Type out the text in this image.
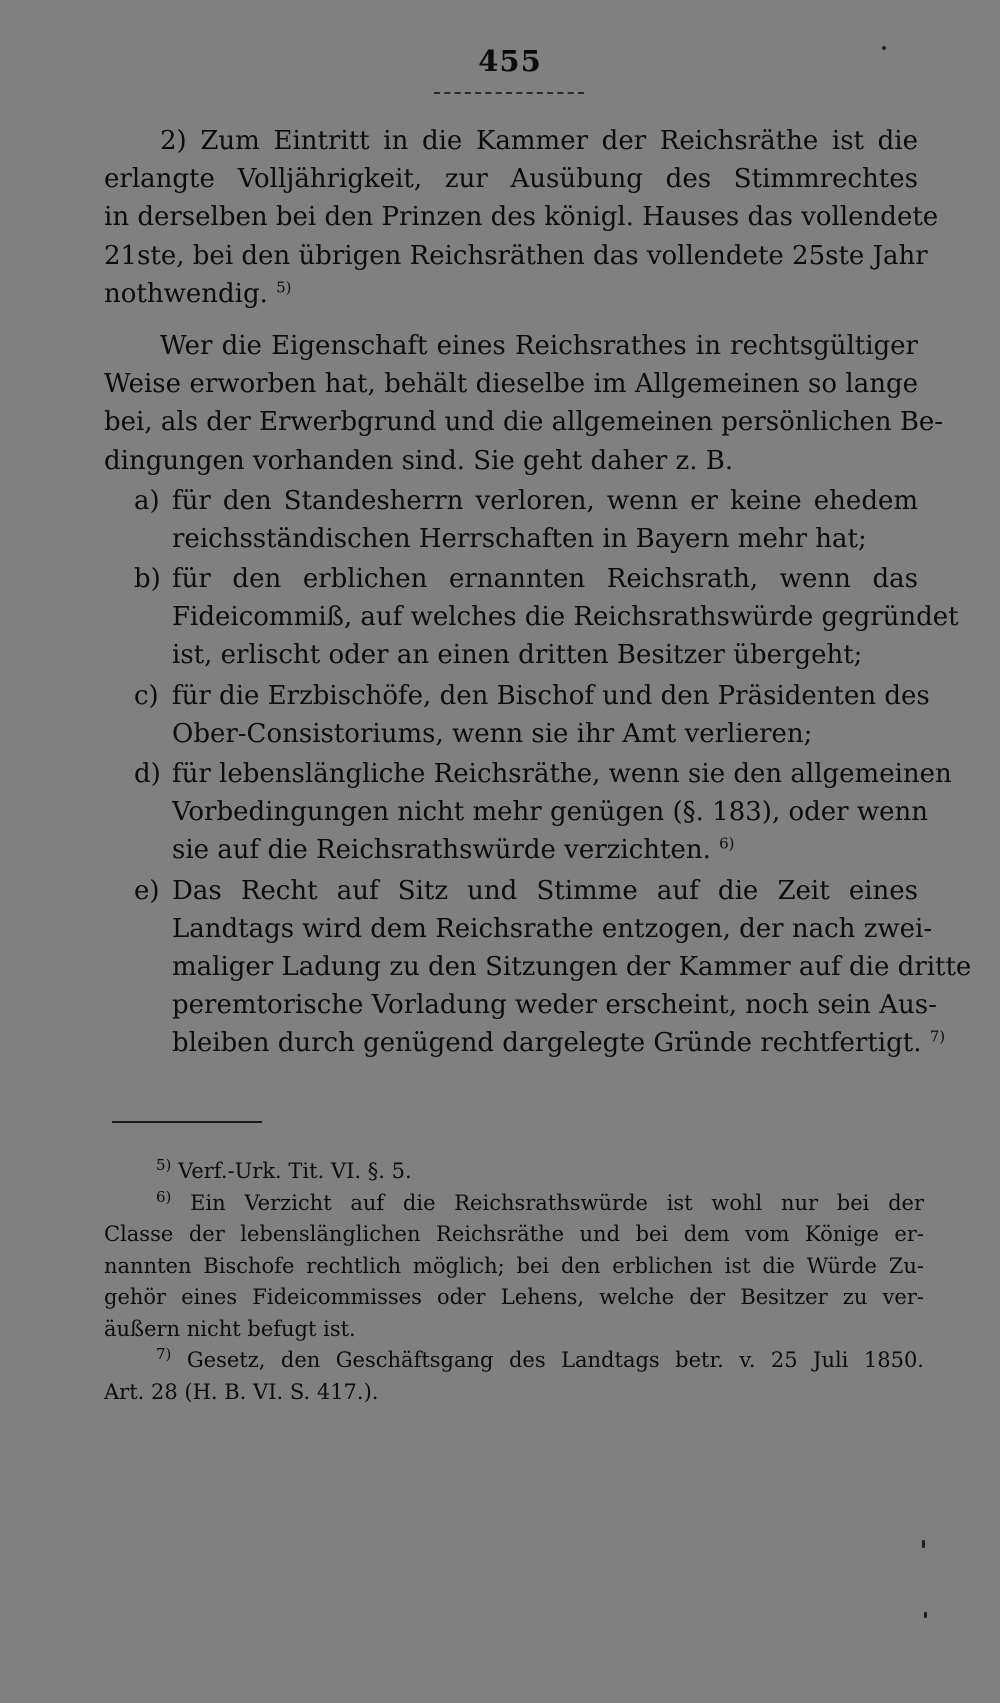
455
2) Zum Eintritt in die Kammer der Reichsräthe ist die
erlangte Volljährigkeit, zur Ausübung des Stimmrechtes
in derselben bei den Prinzen des königl. Hauses das vollendete
21ste, bei den übrigen Reichsräthen das vollendete 25ste Jahr
nothwendig. $^{5)}$
Wer die Eigenschaft eines Reichsrathes in rechtsgültiger
Weise erworben hat, behält dieselbe im Allgemeinen so lange
bei, als der Erwerbgrund und die allgemeinen persönlichen Be-
dingungen vorhanden sind. Sie geht daher z. B.
a) für den Standesherrn verloren, wenn er keine ehedem
reichsständischen Herrschaften in Bayern mehr hat;
b) für den erblichen ernannten Reichsrath, wenn das
Fideicommiß, auf welches die Reichsrathswürde gegründet
ist, erlischt oder an einen dritten Besitzer übergeht;
c) für die Erzbischöfe, den Bischof und den Präsidenten des
Ober-Consistoriums, wenn sie ihr Amt verlieren;
d) für lebenslängliche Reichsräthe, wenn sie den allgemeinen
Vorbedingungen nicht mehr genügen (§. 183), oder wenn
sie auf die Reichsrathswürde verzichten. $^{6)}$
e) Das Recht auf Sitz und Stimme auf die Zeit eines
Landtags wird dem Reichsrathe entzogen, der nach zwei-
maliger Ladung zu den Sitzungen der Kammer auf die dritte
peremtorische Vorladung weder erscheint, noch sein Aus-
bleiben durch genügend dargelegte Gründe rechtfertigt. $^{7)}$
$^{5)}$ Verf.-Urk. Tit. VI. §. 5.
$^{6)}$ Ein Verzicht auf die Reichsrathswürde ist wohl nur bei der
Classe der lebenslänglichen Reichsräthe und bei dem vom Könige er-
nannten Bischofe rechtlich möglich; bei den erblichen ist die Würde Zu-
gehör eines Fideicommisses oder Lehens, welche der Besitzer zu ver-
äußern nicht befugt ist.
$^{7)}$ Gesetz, den Geschäftsgang des Landtags betr. v. 25 Juli 1850.
Art. 28 (H. B. VI. S. 417.).
